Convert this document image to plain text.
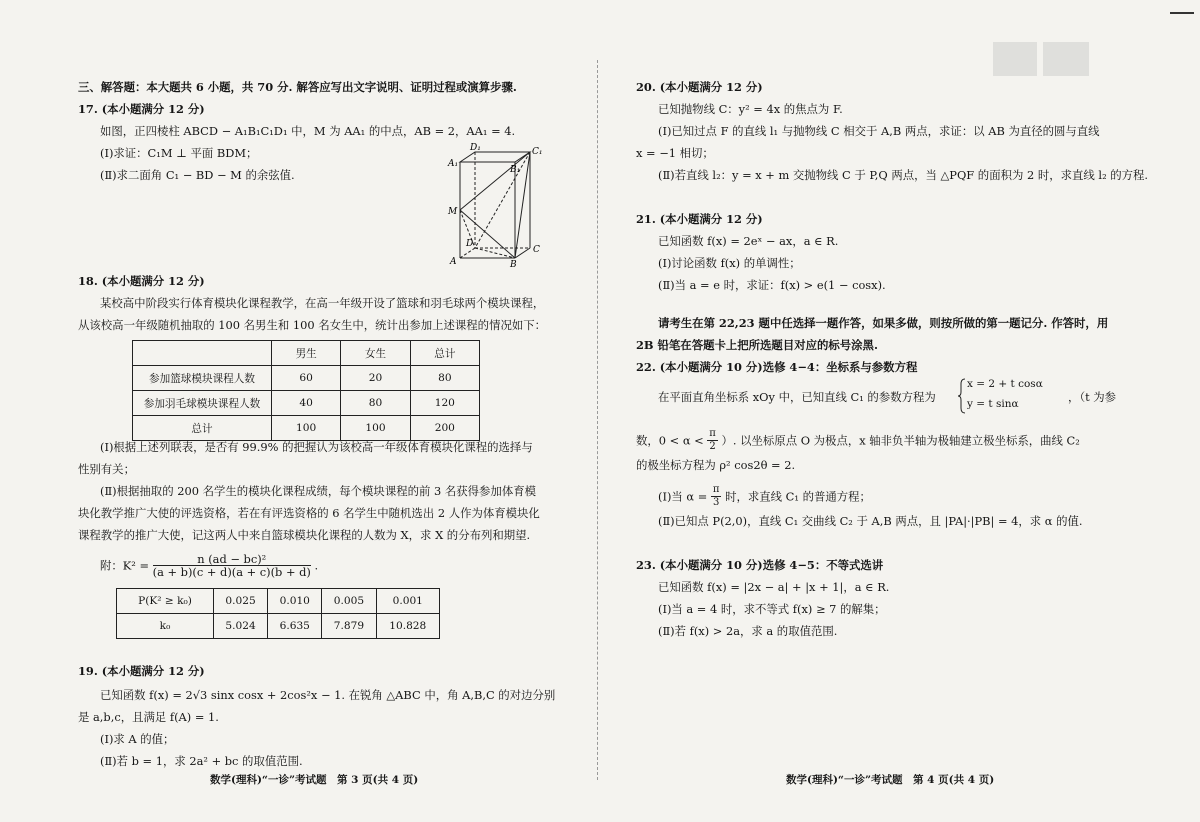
三、解答题：本大题共 6 小题，共 70 分. 解答应写出文字说明、证明过程或演算步骤.
17. (本小题满分 12 分)
如图，正四棱柱 ABCD − A₁B₁C₁D₁ 中，M 为 AA₁ 的中点，AB = 2，AA₁ = 4.
(Ⅰ)求证：C₁M ⊥ 平面 BDM；
(Ⅱ)求二面角 C₁ − BD − M 的余弦值.
A₁
D₁	C₁
B₁
M
D
C
A	B
18. (本小题满分 12 分)
某校高中阶段实行体育模块化课程教学，在高一年级开设了篮球和羽毛球两个模块课程，
从该校高一年级随机抽取的 100 名男生和 100 名女生中，统计出参加上述课程的情况如下：
	男生	女生	总计
参加篮球模块课程人数	60	20	80
参加羽毛球模块课程人数	40	80	120
总计	100	100	200
(Ⅰ)根据上述列联表，是否有 99.9% 的把握认为该校高一年级体育模块化课程的选择与
性别有关；
(Ⅱ)根据抽取的 200 名学生的模块化课程成绩，每个模块课程的前 3 名获得参加体育模
块化教学推广大使的评选资格，若在有评选资格的 6 名学生中随机选出 2 人作为体育模块化
课程教学的推广大使，记这两人中来自篮球模块化课程的人数为 X，求 X 的分布列和期望.
附：$K^2 = \frac{\text{n (ad − bc)²}}{(a + b)(c + d)(a + c)(b + d)}$ .
P(K² ≥ k₀)	0.025	0.010	0.005	0.001
k₀	5.024	6.635	7.879	10.828
19. (本小题满分 12 分)
已知函数 f(x) = 2√3 sinx cosx + 2cos²x − 1. 在锐角 △ABC 中，角 A,B,C 的对边分别
是 a,b,c，且满足 f(A) = 1.
(Ⅰ)求 A 的值；
(Ⅱ)若 b = 1，求 2a² + bc 的取值范围.
数学(理科)“一诊”考试题　第 3 页(共 4 页)
20. (本小题满分 12 分)
已知抛物线 C：y² = 4x 的焦点为 F.
(Ⅰ)已知过点 F 的直线 l₁ 与抛物线 C 相交于 A,B 两点，求证：以 AB 为直径的圆与直线
x = −1 相切；
(Ⅱ)若直线 l₂：y = x + m 交抛物线 C 于 P,Q 两点，当 △PQF 的面积为 2 时，求直线 l₂ 的方程.
21. (本小题满分 12 分)
已知函数 f(x) = 2eˣ − ax，a ∈ R.
(Ⅰ)讨论函数 f(x) 的单调性；
(Ⅱ)当 a = e 时，求证：f(x) > e(1 − cosx).
请考生在第 22,23 题中任选择一题作答，如果多做，则按所做的第一题记分. 作答时，用
2B 铅笔在答题卡上把所选题目对应的标号涂黑.
22. (本小题满分 10 分)选修 4−4：坐标系与参数方程
在平面直角坐标系 xOy 中，已知直线 C₁ 的参数方程为
x = 2 + t cosα
y = t sinα	，（t 为参
数，$0 < \alpha < \frac{\pi}{2}$ ）. 以坐标原点 O 为极点，x 轴非负半轴为极轴建立极坐标系，曲线 C₂
的极坐标方程为 ρ² cos2θ = 2.
(Ⅰ)当 $\alpha = \frac{\pi}{3}$ 时，求直线 C₁ 的普通方程；
(Ⅱ)已知点 P(2,0)，直线 C₁ 交曲线 C₂ 于 A,B 两点，且 |PA|·|PB| = 4，求 α 的值.
23. (本小题满分 10 分)选修 4−5：不等式选讲
已知函数 f(x) = |2x − a| + |x + 1|，a ∈ R.
(Ⅰ)当 a = 4 时，求不等式 f(x) ≥ 7 的解集；
(Ⅱ)若 f(x) > 2a，求 a 的取值范围.
数学(理科)“一诊”考试题　第 4 页(共 4 页)
